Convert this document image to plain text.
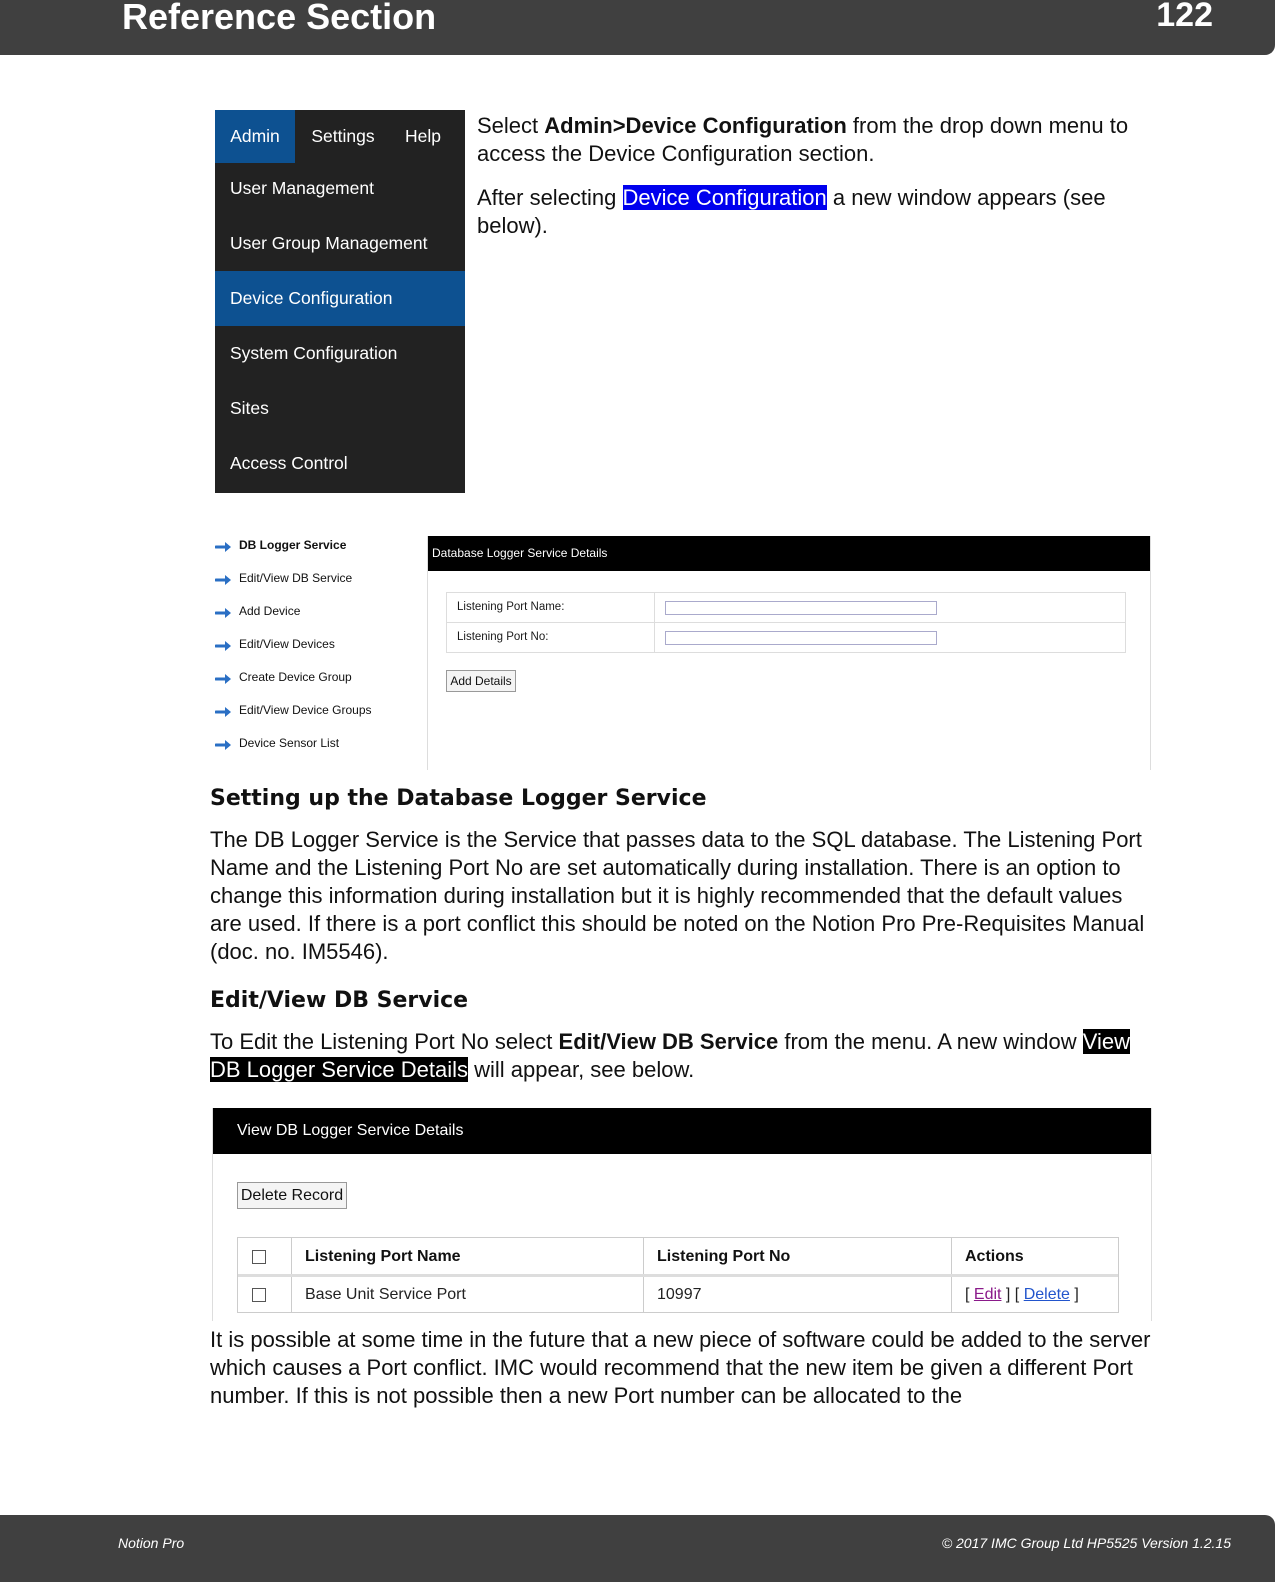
Reference Section	122
Admin	Settings	Help
User Management
User Group Management
Device Configuration
System Configuration
Sites
Access Control
Select Admin>Device Configuration from the drop down menu to access the Device Configuration section.
After selecting Device Configuration a new window appears (see below).
DB Logger Service
Edit/View DB Service
Add Device
Edit/View Devices
Create Device Group
Edit/View Device Groups
Device Sensor List
Database Logger Service Details
Listening Port Name:
Listening Port No:
Add Details
Setting up the Database Logger Service
The DB Logger Service is the Service that passes data to the SQL database. The Listening Port Name and the Listening Port No are set automatically during installation. There is an option to change this information during installation but it is highly recommended that the default values are used. If there is a port conflict this should be noted on the Notion Pro Pre-Requisites Manual (doc. no. IM5546).
Edit/View DB Service
To Edit the Listening Port No select Edit/View DB Service from the menu. A new window View DB Logger Service Details will appear, see below.
View DB Logger Service Details
Delete Record
Listening Port Name	Listening Port No	Actions
Base Unit Service Port	10997	[ Edit ] [ Delete ]
It is possible at some time in the future that a new piece of software could be added to the server which causes a Port conflict. IMC would recommend that the new item be given a different Port number. If this is not possible then a new Port number can be allocated to the
Notion Pro	© 2017 IMC Group Ltd HP5525 Version 1.2.15
